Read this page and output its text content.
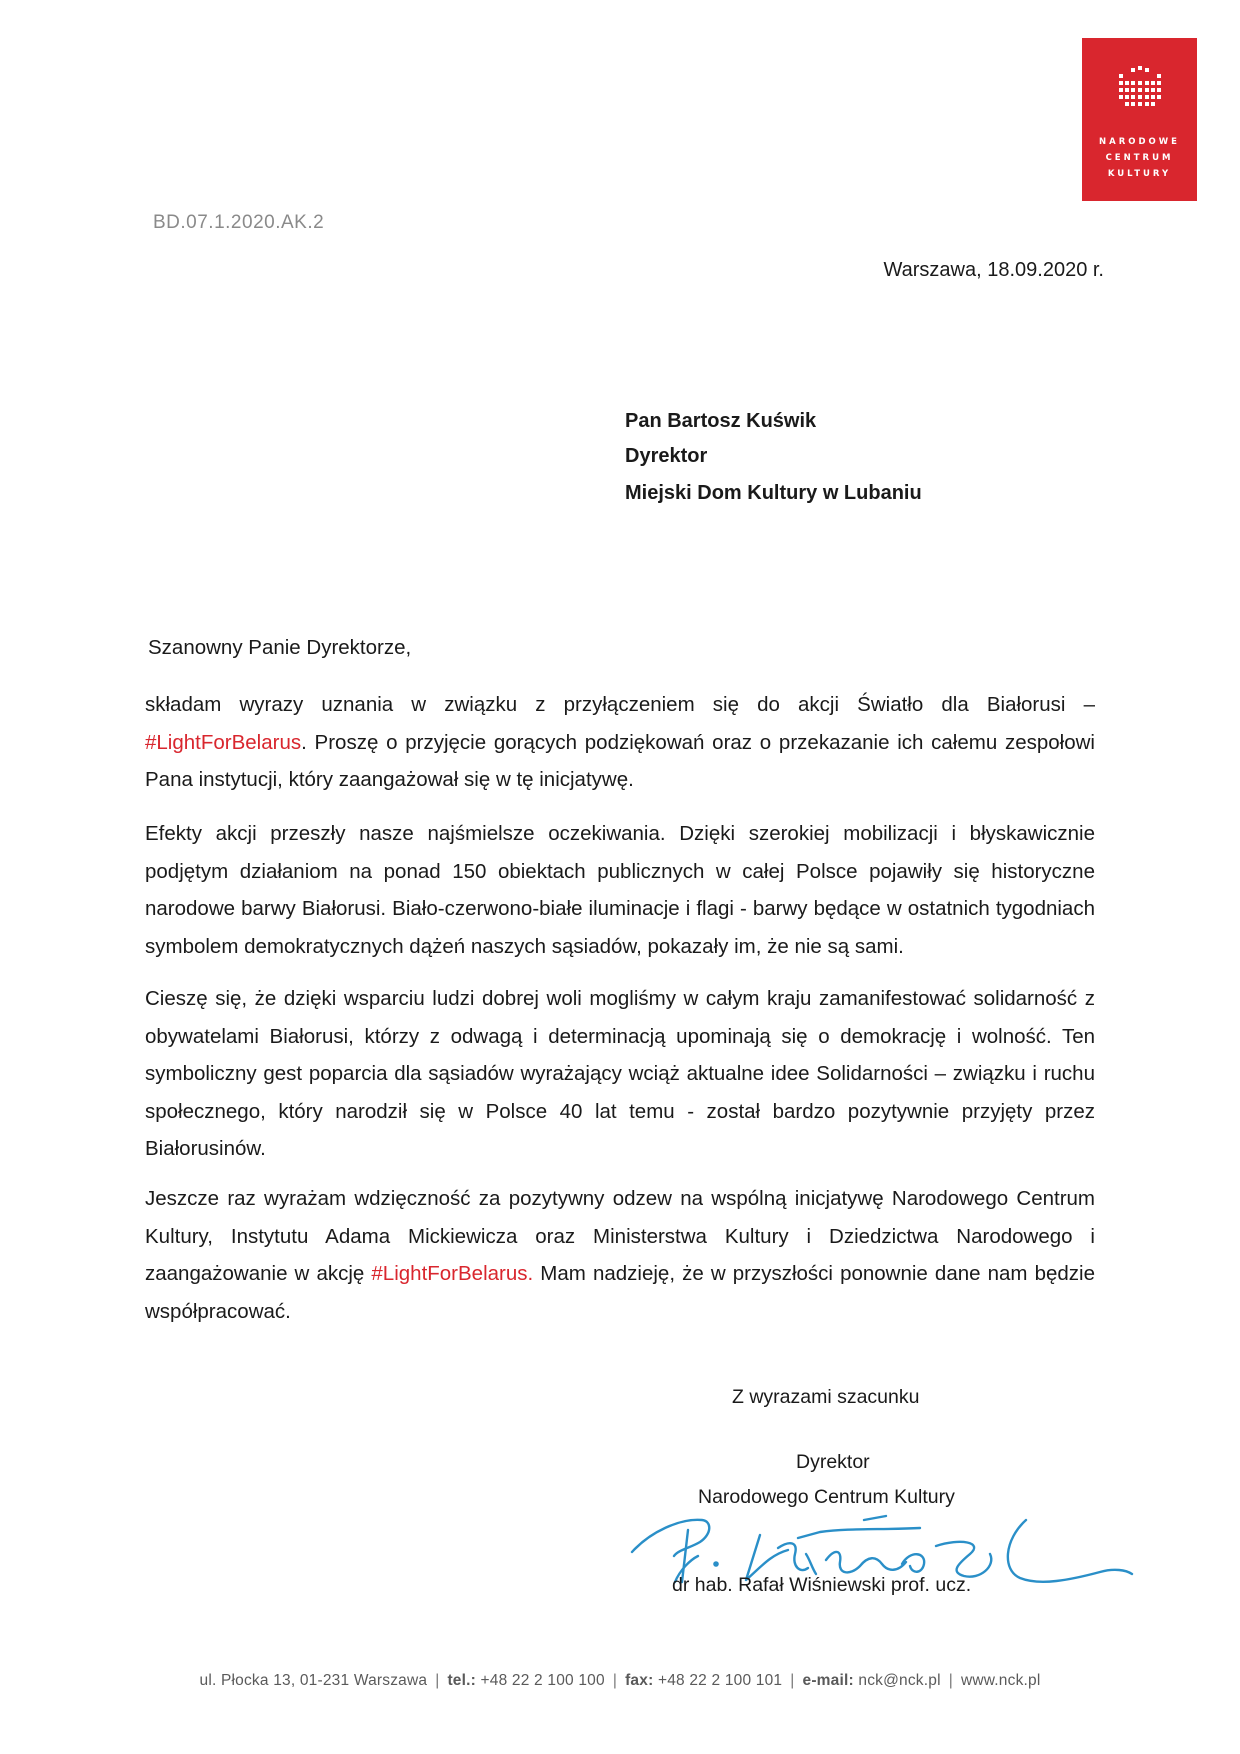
NARODOWE
CENTRUM
KULTURY
BD.07.1.2020.AK.2
Warszawa, 18.09.2020 r.
Pan Bartosz Kuświk
Dyrektor
Miejski Dom Kultury w Lubaniu
Szanowny Panie Dyrektorze,
składam wyrazy uznania w związku z przyłączeniem się do akcji Światło dla Białorusi – #LightForBelarus. Proszę o przyjęcie gorących podziękowań oraz o przekazanie ich całemu zespołowi Pana instytucji, który zaangażował się w tę inicjatywę.
Efekty akcji przeszły nasze najśmielsze oczekiwania. Dzięki szerokiej mobilizacji i błyskawicznie podjętym działaniom na ponad 150 obiektach publicznych w całej Polsce pojawiły się historyczne narodowe barwy Białorusi. Biało-czerwono-białe iluminacje i flagi - barwy będące w ostatnich tygodniach symbolem demokratycznych dążeń naszych sąsiadów, pokazały im, że nie są sami.
Cieszę się, że dzięki wsparciu ludzi dobrej woli mogliśmy w całym kraju zamanifestować solidarność z obywatelami Białorusi, którzy z odwagą i determinacją upominają się o demokrację i wolność. Ten symboliczny gest poparcia dla sąsiadów wyrażający wciąż aktualne idee Solidarności – związku i ruchu społecznego, który narodził się w Polsce 40 lat temu - został bardzo pozytywnie przyjęty przez Białorusinów.
Jeszcze raz wyrażam wdzięczność za pozytywny odzew na wspólną inicjatywę Narodowego Centrum Kultury, Instytutu Adama Mickiewicza oraz Ministerstwa Kultury i Dziedzictwa Narodowego i zaangażowanie w akcję #LightForBelarus. Mam nadzieję, że w przyszłości ponownie dane nam będzie współpracować.
Z wyrazami szacunku
Dyrektor
Narodowego Centrum Kultury
dr hab. Rafał Wiśniewski prof. ucz.
ul. Płocka 13, 01-231 Warszawa | tel.: +48 22 2 100 100 | fax: +48 22 2 100 101 | e-mail: nck@nck.pl | www.nck.pl
